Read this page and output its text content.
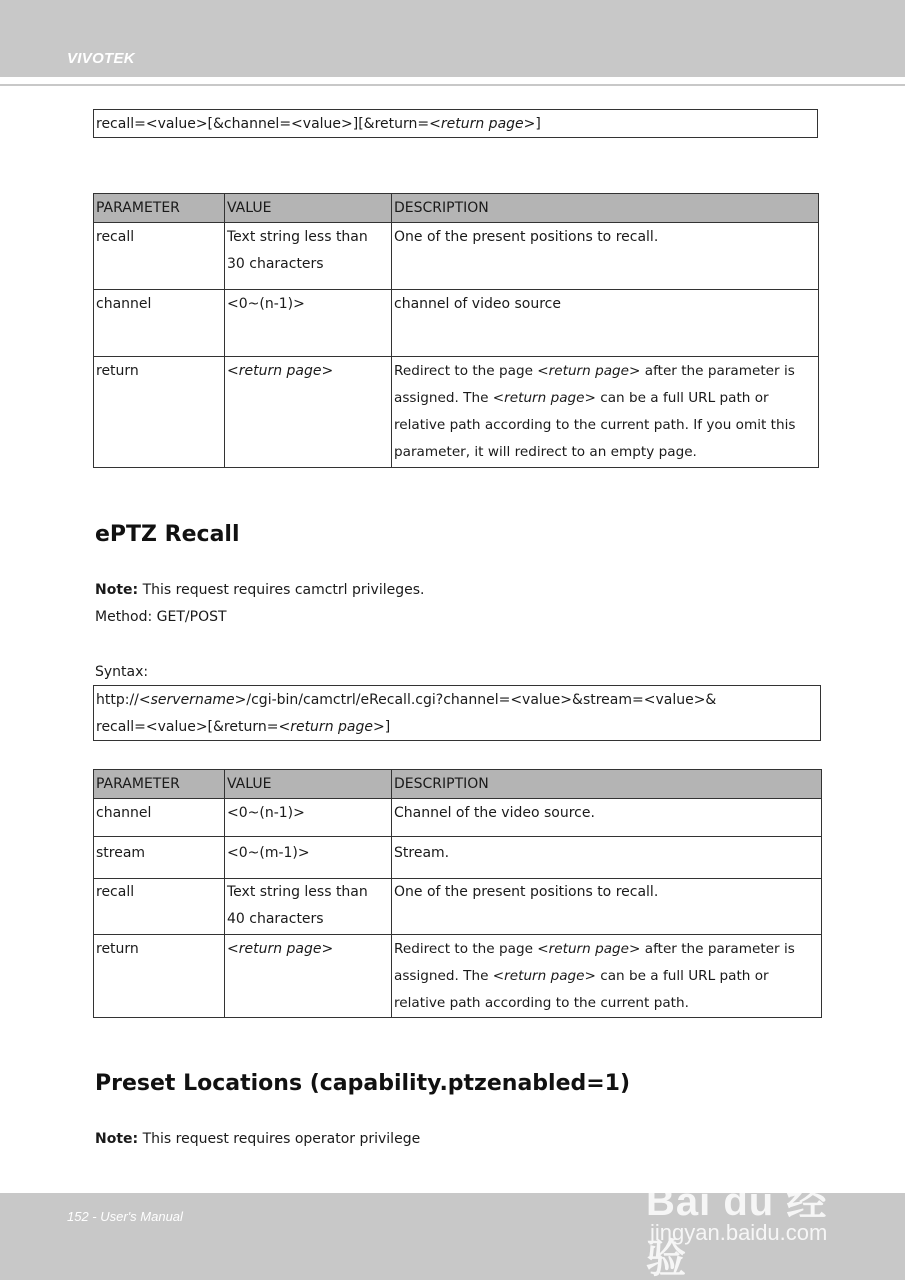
VIVOTEK
recall=<value>[&channel=<value>][&return=<return page>]
PARAMETER	VALUE	DESCRIPTION
recall	Text string less than 30 characters	One of the present positions to recall.
channel	<0~(n-1)>	channel of video source
return	<return page>	Redirect to the page <return page> after the parameter is assigned. The <return page> can be a full URL path or relative path according to the current path. If you omit this parameter, it will redirect to an empty page.
ePTZ Recall

Note: This request requires camctrl privileges.

Method: GET/POST

Syntax:

http://<servername>/cgi-bin/camctrl/eRecall.cgi?channel=<value>&stream=<value>&
recall=<value>[&return=<return page>]
PARAMETER	VALUE	DESCRIPTION
channel	<0~(n-1)>	Channel of the video source.
stream	<0~(m-1)>	Stream.
recall	Text string less than 40 characters	One of the present positions to recall.
return	<return page>	Redirect to the page <return page> after the parameter is assigned. The <return page> can be a full URL path or relative path according to the current path.
Preset Locations (capability.ptzenabled=1)

Note: This request requires operator privilege

152 - User's Manual	Bai du 经验
jingyan.baidu.com
